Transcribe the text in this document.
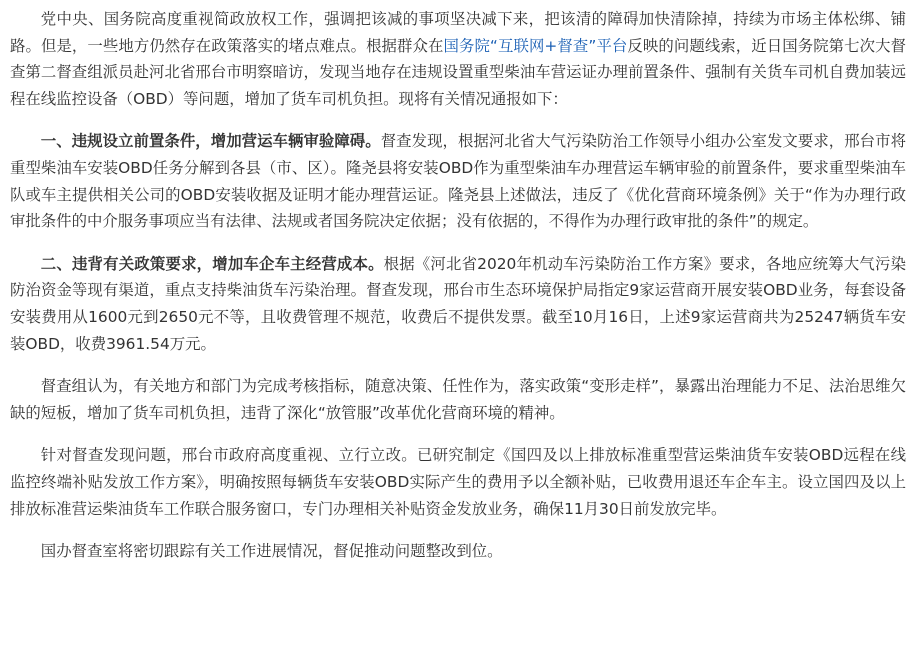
党中央、国务院高度重视简政放权工作，强调把该减的事项坚决减下来，把该清的障碍加快清除掉，持续为市场主体松绑、铺路。但是，一些地方仍然存在政策落实的堵点难点。根据群众在国务院“互联网+督查”平台反映的问题线索，近日国务院第七次大督查第二督查组派员赴河北省邢台市明察暗访，发现当地存在违规设置重型柴油车营运证办理前置条件、强制有关货车司机自费加装远程在线监控设备（OBD）等问题，增加了货车司机负担。现将有关情况通报如下：

一、违规设立前置条件，增加营运车辆审验障碍。督查发现，根据河北省大气污染防治工作领导小组办公室发文要求，邢台市将重型柴油车安装OBD任务分解到各县（市、区）。隆尧县将安装OBD作为重型柴油车办理营运车辆审验的前置条件，要求重型柴油车队或车主提供相关公司的OBD安装收据及证明才能办理营运证。隆尧县上述做法，违反了《优化营商环境条例》关于“作为办理行政审批条件的中介服务事项应当有法律、法规或者国务院决定依据；没有依据的，不得作为办理行政审批的条件”的规定。

二、违背有关政策要求，增加车企车主经营成本。根据《河北省2020年机动车污染防治工作方案》要求，各地应统筹大气污染防治资金等现有渠道，重点支持柴油货车污染治理。督查发现，邢台市生态环境保护局指定9家运营商开展安装OBD业务，每套设备安装费用从1600元到2650元不等，且收费管理不规范，收费后不提供发票。截至10月16日，上述9家运营商共为25247辆货车安装OBD，收费3961.54万元。

督查组认为，有关地方和部门为完成考核指标，随意决策、任性作为，落实政策“变形走样”，暴露出治理能力不足、法治思维欠缺的短板，增加了货车司机负担，违背了深化“放管服”改革优化营商环境的精神。

针对督查发现问题，邢台市政府高度重视、立行立改。已研究制定《国四及以上排放标准重型营运柴油货车安装OBD远程在线监控终端补贴发放工作方案》，明确按照每辆货车安装OBD实际产生的费用予以全额补贴，已收费用退还车企车主。设立国四及以上排放标准营运柴油货车工作联合服务窗口，专门办理相关补贴资金发放业务，确保11月30日前发放完毕。

国办督查室将密切跟踪有关工作进展情况，督促推动问题整改到位。
